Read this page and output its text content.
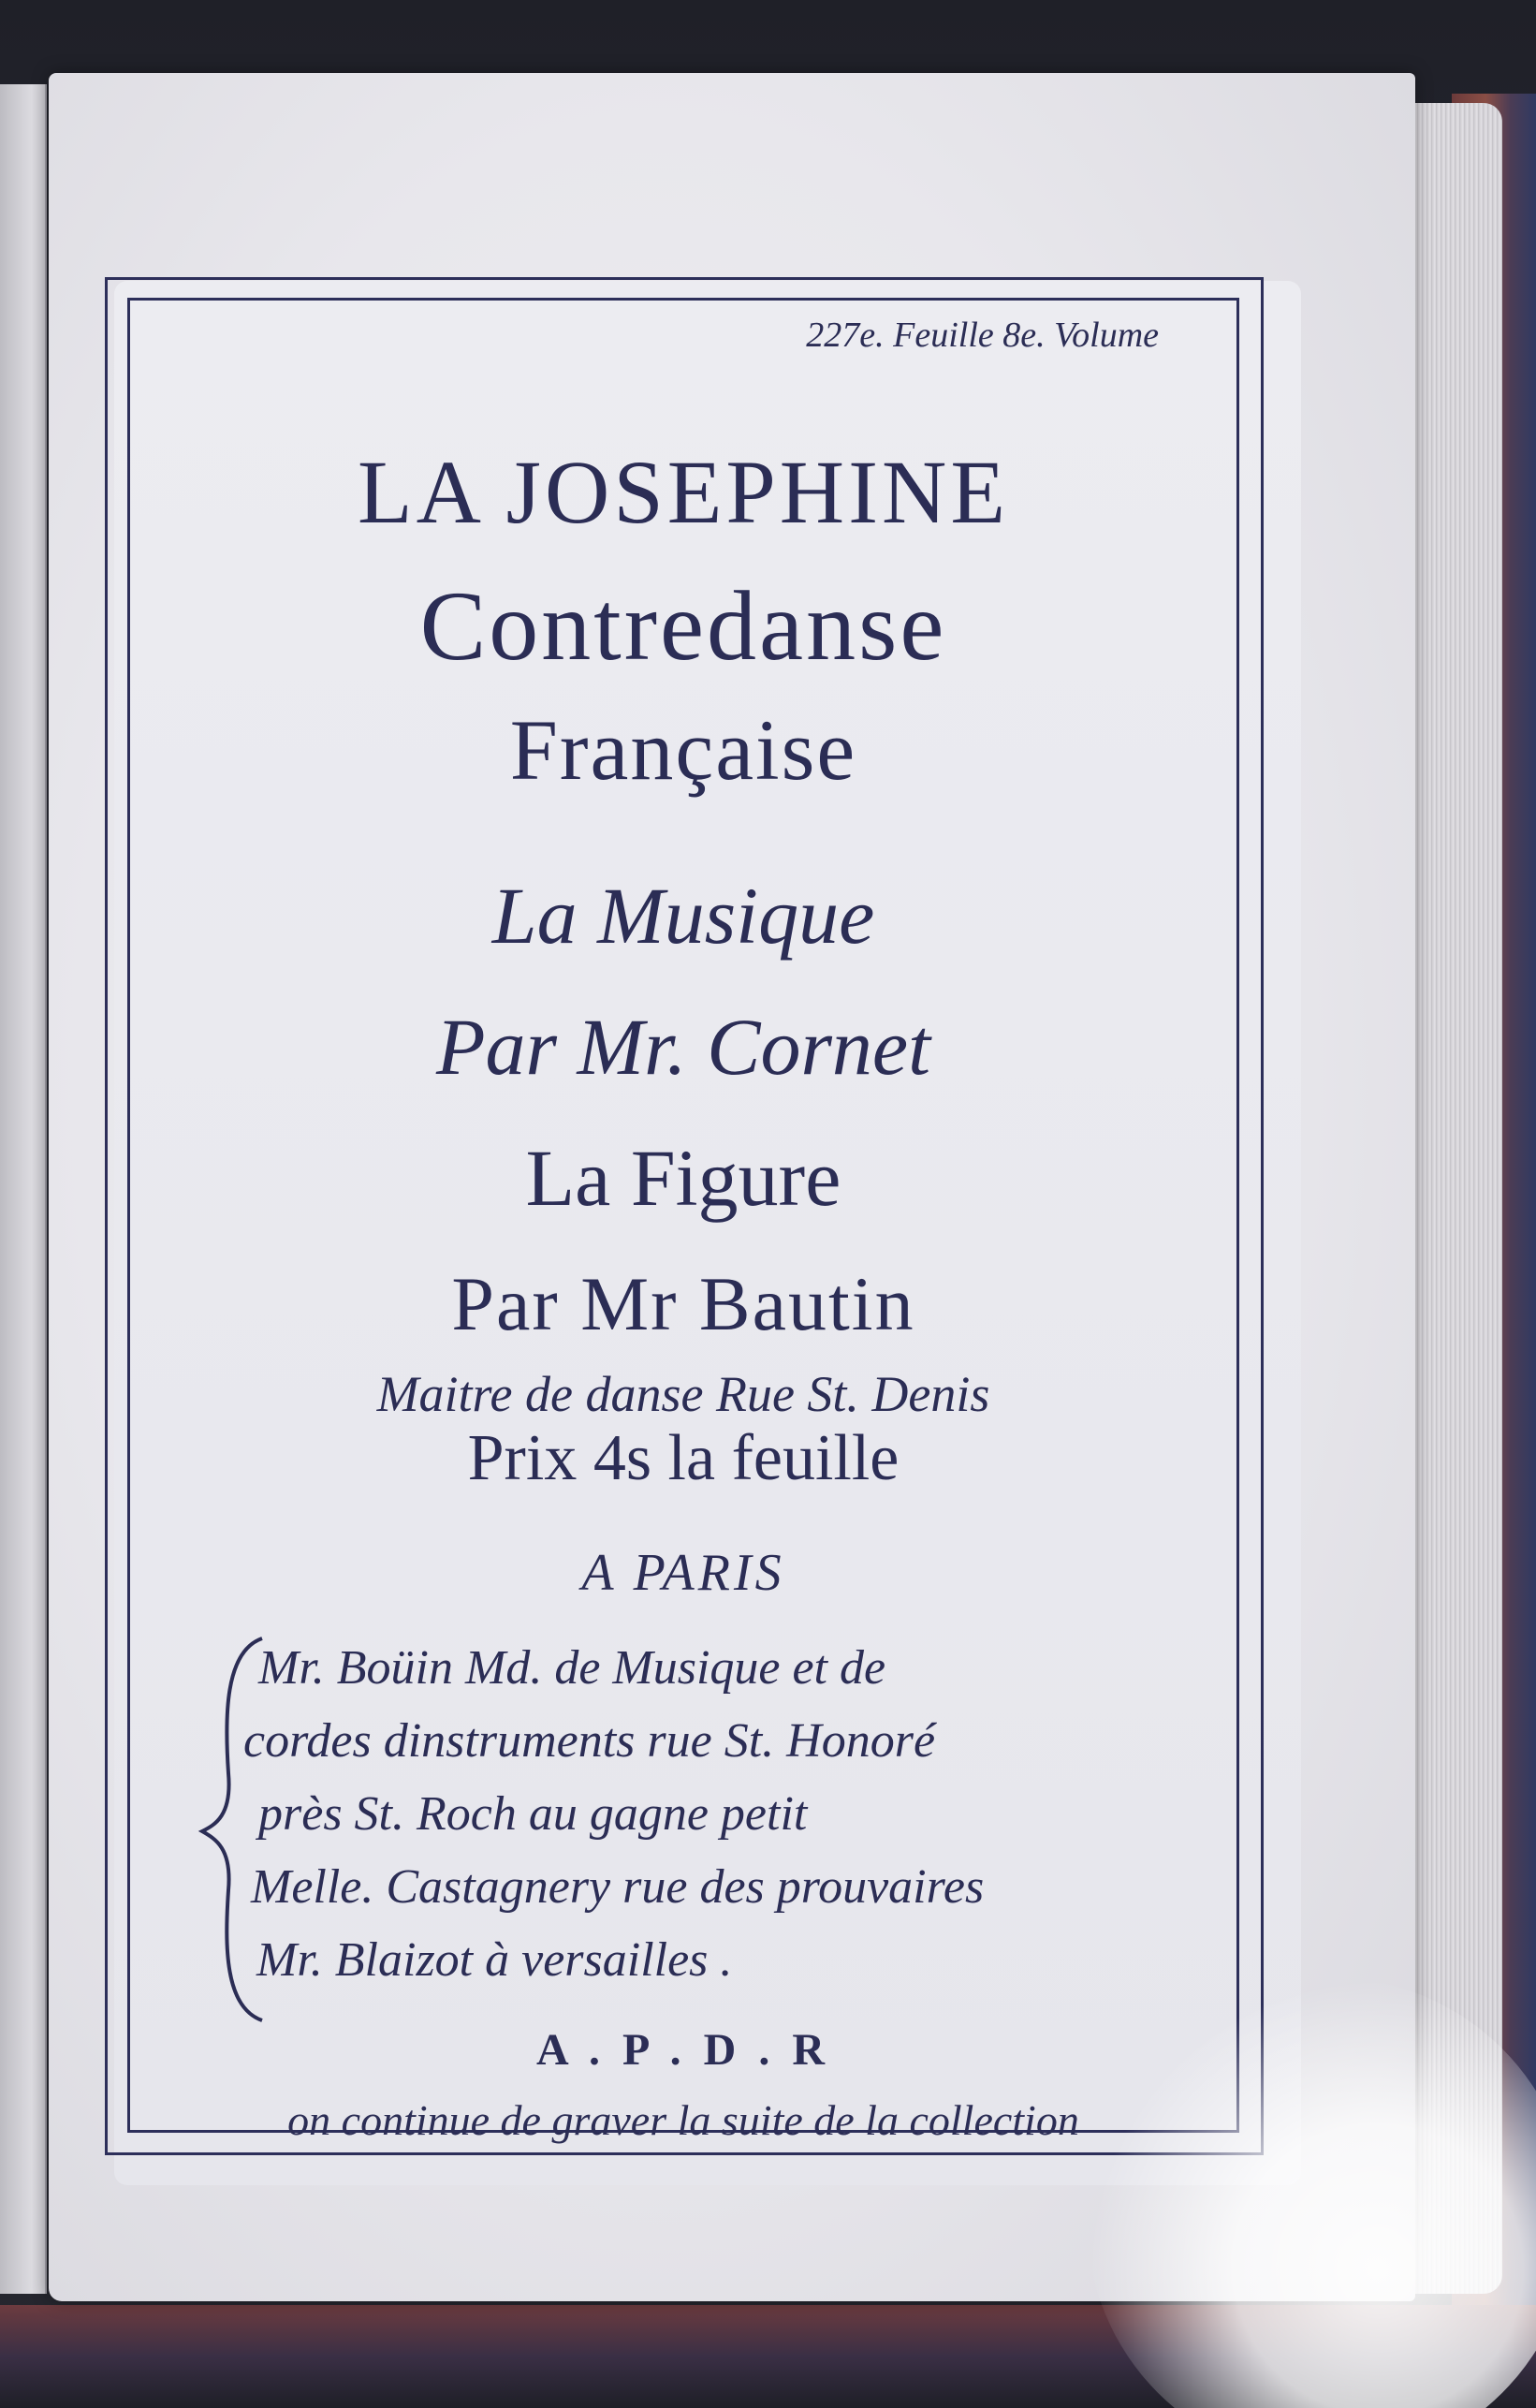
227e. Feuille 8e. Volume
LA JOSEPHINE
Contredanse
Française
La Musique
Par Mr. Cornet
La Figure
Par Mr Bautin
Maitre de danse Rue St. Denis
Prix 4s la feuille
A PARIS
Mr. Boüin Md. de Musique et de
cordes dinstruments rue St. Honoré
près St. Roch au gagne petit
Melle. Castagnery rue des prouvaires
Mr. Blaizot à versailles .
A . P . D . R
on continue de graver la suite de la collection
